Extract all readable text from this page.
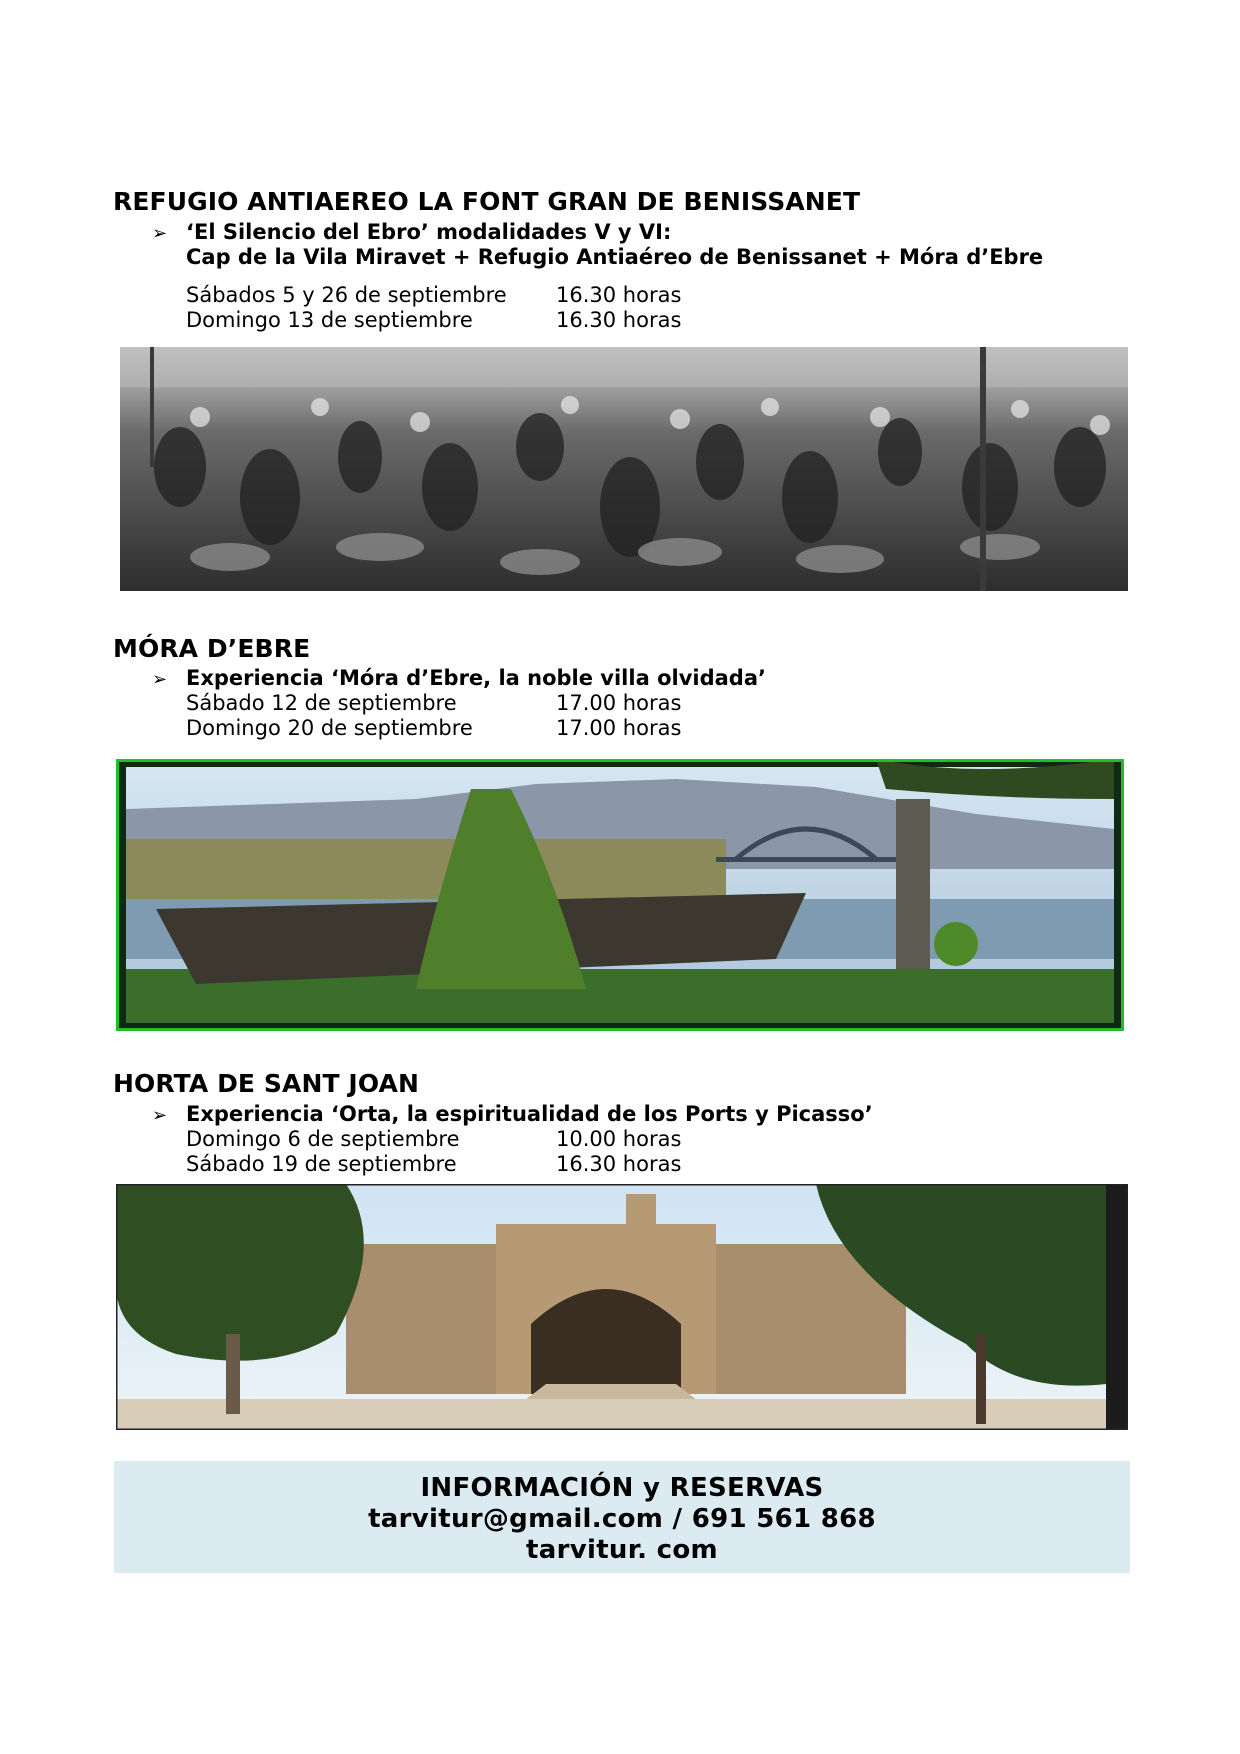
REFUGIO ANTIAEREO LA FONT GRAN DE BENISSANET
➢ ‘El Silencio del Ebro’ modalidades V y VI:
Cap de la Vila Miravet + Refugio Antiaéreo de Benissanet + Móra d’Ebre
Sábados 5 y 26 de septiembre 16.30 horas
Domingo 13 de septiembre	16.30 horas
MÓRA D’EBRE
➢ Experiencia ‘Móra d’Ebre, la noble villa olvidada’
Sábado 12 de septiembre	17.00 horas
Domingo 20 de septiembre	17.00 horas
HORTA DE SANT JOAN
➢ Experiencia ‘Orta, la espiritualidad de los Ports y Picasso’
Domingo 6 de septiembre	10.00 horas
Sábado 19 de septiembre	16.30 horas
INFORMACIÓN y RESERVAS
tarvitur@gmail.com / 691 561 868
tarvitur. com
